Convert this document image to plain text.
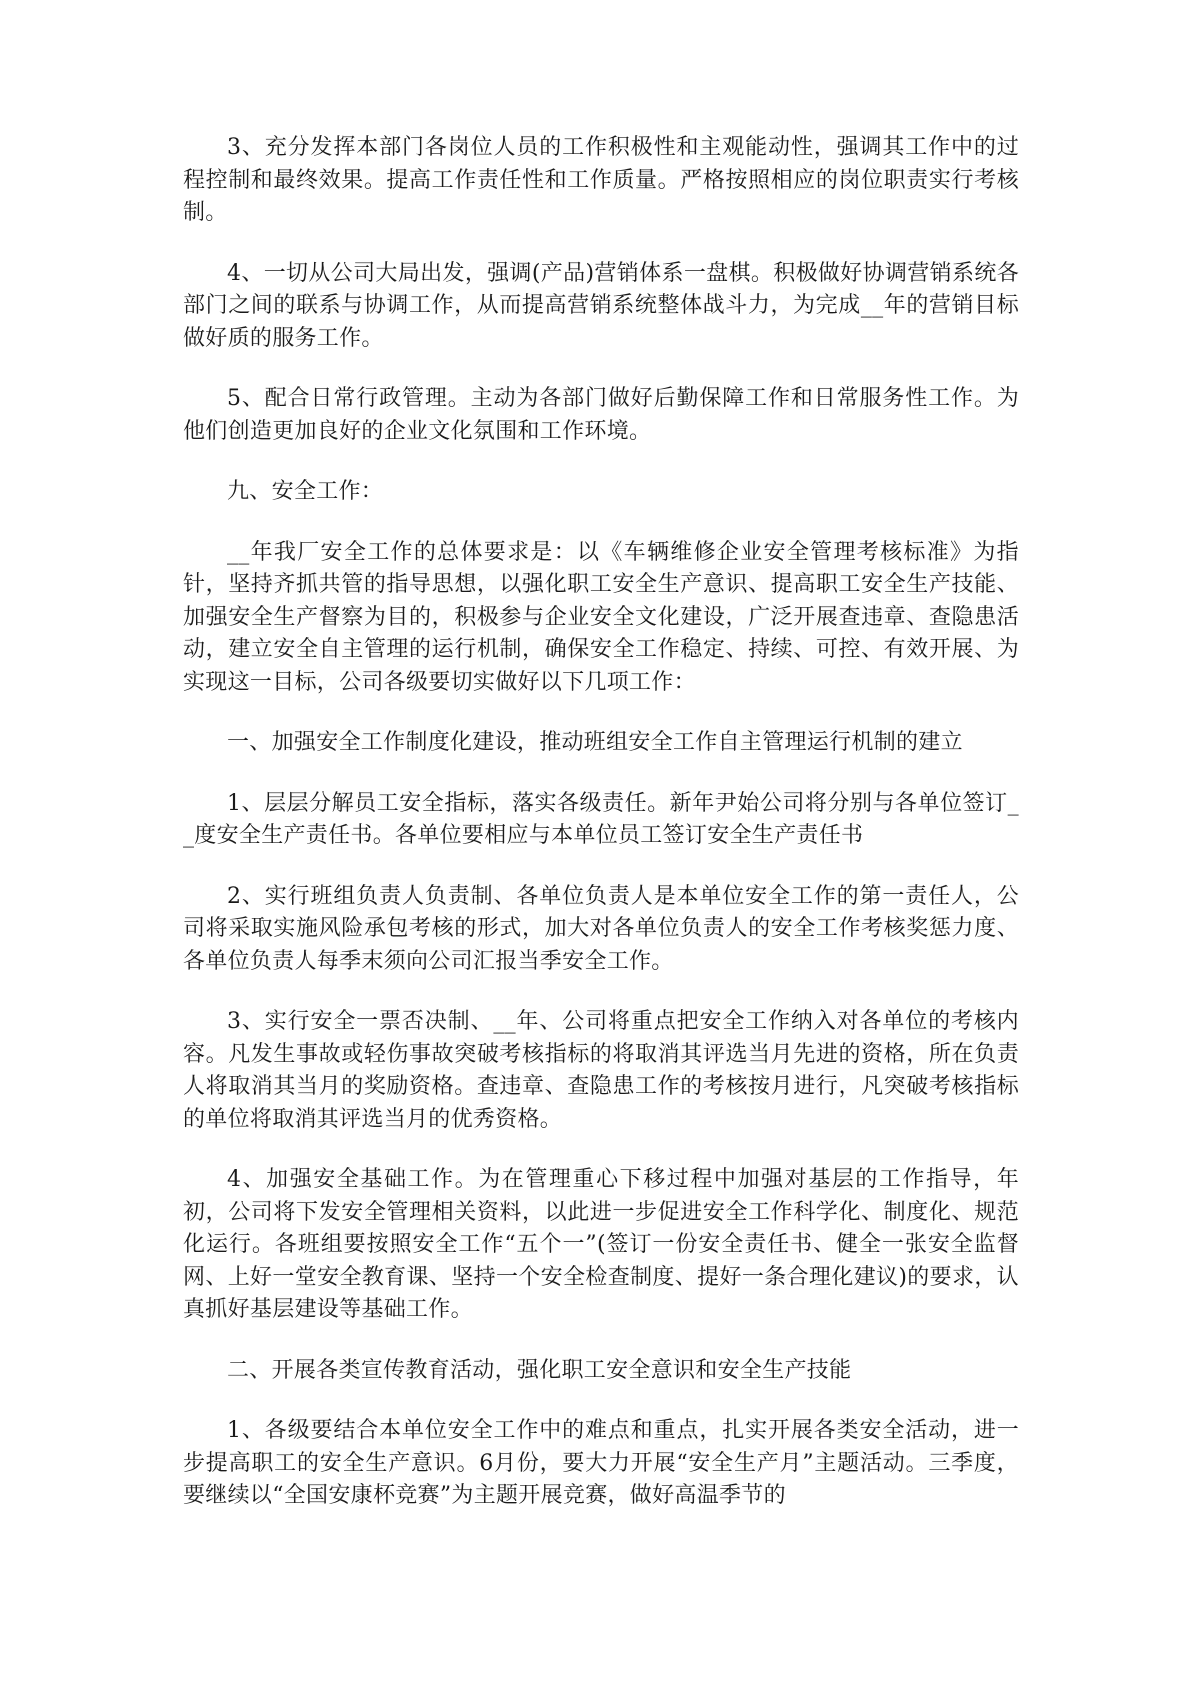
3、充分发挥本部门各岗位人员的工作积极性和主观能动性，强调其工作中的过程控制和最终效果。提高工作责任性和工作质量。严格按照相应的岗位职责实行考核制。

4、一切从公司大局出发，强调(产品)营销体系一盘棋。积极做好协调营销系统各部门之间的联系与协调工作，从而提高营销系统整体战斗力，为完成__年的营销目标做好质的服务工作。

5、配合日常行政管理。主动为各部门做好后勤保障工作和日常服务性工作。为他们创造更加良好的企业文化氛围和工作环境。

九、安全工作：

__年我厂安全工作的总体要求是：以《车辆维修企业安全管理考核标准》为指针，坚持齐抓共管的指导思想，以强化职工安全生产意识、提高职工安全生产技能、加强安全生产督察为目的，积极参与企业安全文化建设，广泛开展查违章、查隐患活动，建立安全自主管理的运行机制，确保安全工作稳定、持续、可控、有效开展、为实现这一目标，公司各级要切实做好以下几项工作：

一、加强安全工作制度化建设，推动班组安全工作自主管理运行机制的建立

1、层层分解员工安全指标，落实各级责任。新年尹始公司将分别与各单位签订__度安全生产责任书。各单位要相应与本单位员工签订安全生产责任书

2、实行班组负责人负责制、各单位负责人是本单位安全工作的第一责任人，公司将采取实施风险承包考核的形式，加大对各单位负责人的安全工作考核奖惩力度、各单位负责人每季末须向公司汇报当季安全工作。

3、实行安全一票否决制、__年、公司将重点把安全工作纳入对各单位的考核内容。凡发生事故或轻伤事故突破考核指标的将取消其评选当月先进的资格，所在负责人将取消其当月的奖励资格。查违章、查隐患工作的考核按月进行，凡突破考核指标的单位将取消其评选当月的优秀资格。

4、加强安全基础工作。为在管理重心下移过程中加强对基层的工作指导，年初，公司将下发安全管理相关资料，以此进一步促进安全工作科学化、制度化、规范化运行。各班组要按照安全工作“五个一”(签订一份安全责任书、健全一张安全监督网、上好一堂安全教育课、坚持一个安全检查制度、提好一条合理化建议)的要求，认真抓好基层建设等基础工作。

二、开展各类宣传教育活动，强化职工安全意识和安全生产技能

1、各级要结合本单位安全工作中的难点和重点，扎实开展各类安全活动，进一步提高职工的安全生产意识。6月份，要大力开展“安全生产月”主题活动。三季度，要继续以“全国安康杯竞赛”为主题开展竞赛，做好高温季节的
